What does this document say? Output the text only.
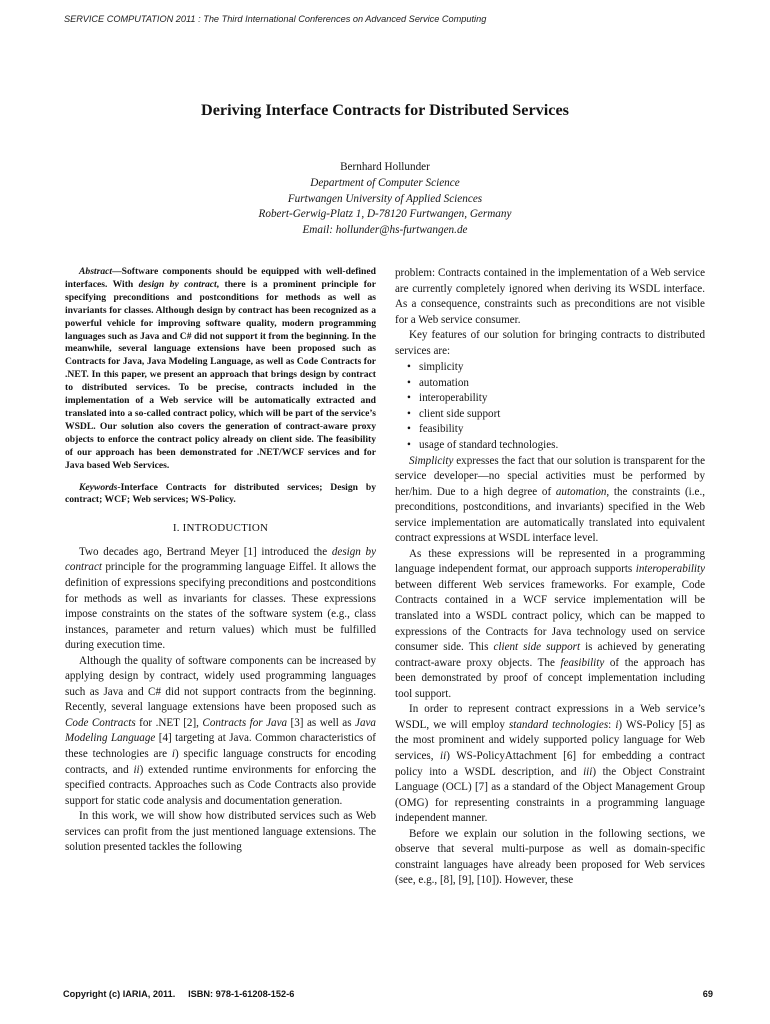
SERVICE COMPUTATION 2011 : The Third International Conferences on Advanced Service Computing
Deriving Interface Contracts for Distributed Services
Bernhard Hollunder
Department of Computer Science
Furtwangen University of Applied Sciences
Robert-Gerwig-Platz 1, D-78120 Furtwangen, Germany
Email: hollunder@hs-furtwangen.de

Abstract—Software components should be equipped with well-defined interfaces. With design by contract, there is a prominent principle for specifying preconditions and postconditions for methods as well as invariants for classes. Although design by contract has been recognized as a powerful vehicle for improving software quality, modern programming languages such as Java and C# did not support it from the beginning. In the meanwhile, several language extensions have been proposed such as Contracts for Java, Java Modeling Language, as well as Code Contracts for .NET. In this paper, we present an approach that brings design by contract to distributed services. To be precise, contracts included in the implementation of a Web service will be automatically extracted and translated into a so-called contract policy, which will be part of the service’s WSDL. Our solution also covers the generation of contract-aware proxy objects to enforce the contract policy already on client side. The feasibility of our approach has been demonstrated for .NET/WCF services and for Java based Web Services.

Keywords-Interface Contracts for distributed services; Design by contract; WCF; Web services; WS-Policy.

I. INTRODUCTION

Two decades ago, Bertrand Meyer [1] introduced the design by contract principle for the programming language Eiffel. It allows the definition of expressions specifying preconditions and postconditions for methods as well as invariants for classes. These expressions impose constraints on the states of the software system (e.g., class instances, parameter and return values) which must be fulfilled during execution time.

Although the quality of software components can be increased by applying design by contract, widely used programming languages such as Java and C# did not support contracts from the beginning. Recently, several language extensions have been proposed such as Code Contracts for .NET [2], Contracts for Java [3] as well as Java Modeling Language [4] targeting at Java. Common characteristics of these technologies are i) specific language constructs for encoding contracts, and ii) extended runtime environments for enforcing the specified contracts. Approaches such as Code Contracts also provide support for static code analysis and documentation generation.

In this work, we will show how distributed services such as Web services can profit from the just mentioned language extensions. The solution presented tackles the following

problem: Contracts contained in the implementation of a Web service are currently completely ignored when deriving its WSDL interface. As a consequence, constraints such as preconditions are not visible for a Web service consumer.

Key features of our solution for bringing contracts to distributed services are:

• simplicity
• automation
• interoperability
• client side support
• feasibility
• usage of standard technologies.

Simplicity expresses the fact that our solution is transparent for the service developer—no special activities must be performed by her/him. Due to a high degree of automation, the constraints (i.e., preconditions, postconditions, and invariants) specified in the Web service implementation are automatically translated into equivalent contract expressions at WSDL interface level.

As these expressions will be represented in a programming language independent format, our approach supports interoperability between different Web services frameworks. For example, Code Contracts contained in a WCF service implementation will be translated into a WSDL contract policy, which can be mapped to expressions of the Contracts for Java technology used on service consumer side. This client side support is achieved by generating contract-aware proxy objects. The feasibility of the approach has been demonstrated by proof of concept implementation including tool support.

In order to represent contract expressions in a Web service’s WSDL, we will employ standard technologies: i) WS-Policy [5] as the most prominent and widely supported policy language for Web services, ii) WS-PolicyAttachment [6] for embedding a contract policy into a WSDL description, and iii) the Object Constraint Language (OCL) [7] as a standard of the Object Management Group (OMG) for representing constraints in a programming language independent manner.

Before we explain our solution in the following sections, we observe that several multi-purpose as well as domain-specific constraint languages have already been proposed for Web services (see, e.g., [8], [9], [10]). However, these

Copyright (c) IARIA, 2011.     ISBN: 978-1-61208-152-6	69
